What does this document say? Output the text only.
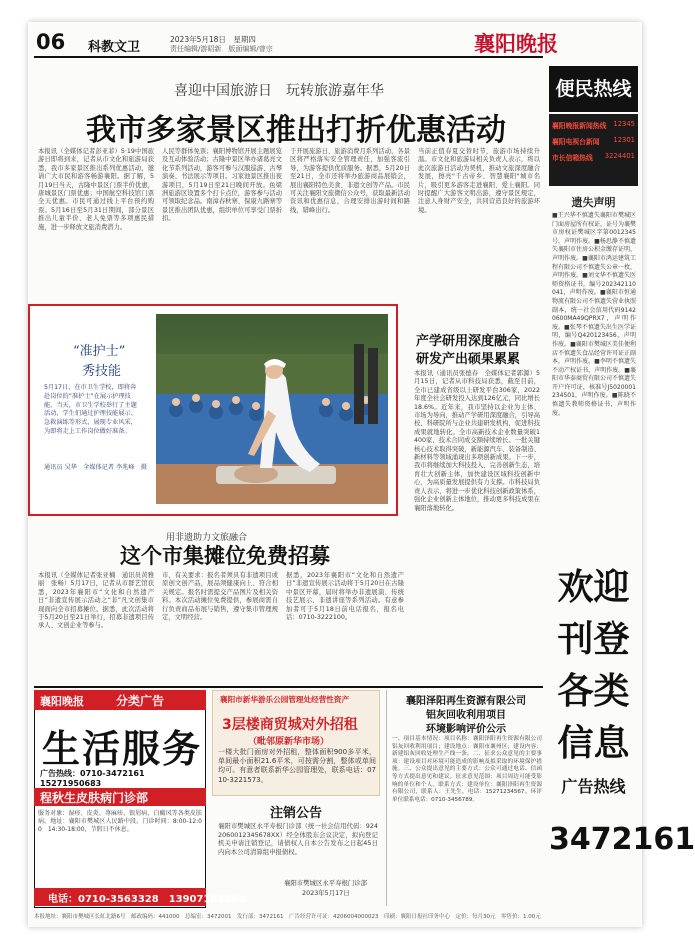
06 科教文卫
2023年5月18日　星期四
责任编辑/游昭新　版面编辑/曾宗	襄阳晚报
便民热线
襄阳晚报新闻热线 12345
襄阳电视台新闻 12301
市长信箱热线 3224401
遗失声明
■王兴华不慎遗失襄阳市樊城区门面房屋所有权证，证号为襄樊市房权证樊城区字第0012345号，声明作废。■杨思静不慎遗失襄阳市住房公积金缴存证明，声明作废。■襄阳市鸿运建筑工程有限公司不慎遗失公章一枚，声明作废。■刘文华不慎遗失医师资格证书，编号202342110041，声明作废。■襄阳市恒通物流有限公司不慎遗失营业执照副本，统一社会信用代码91420600MA49QPRX7，声明作废。■张琴不慎遗失出生医学证明，编号Q420123456，声明作废。■襄阳市樊城区美佳便利店不慎遗失食品经营许可证正副本，声明作废。■李明不慎遗失不动产权证书，声明作废。■襄阳市华泰商贸有限公司不慎遗失开户许可证，核准号J5020001234501，声明作废。■陈晓不慎遗失教师资格证书，声明作废。
欢迎
刊登
各类
信息
广告热线
3472161
喜迎中国旅游日　玩转旅游嘉年华
我市多家景区推出打折优惠活动
本报讯（全媒体记者彭亚菲）5·19中国旅游日即将到来，记者从市文化和旅游局获悉，我市多家景区推出系列优惠活动，邀请广大市民和游客畅游襄阳。据了解，5月19日当天，古隆中景区门票半价优惠，唐城景区门票优惠；中国航空科技馆门票全天优惠。市民可通过线上平台预约购票。5月16日至5月31日期间，部分景区推出儿童半价、老人免票等多项惠民措施，进一步释放文旅消费潜力。
人民等群体免票；襄阳博物馆开展主题展览及互动体验活动；古隆中景区举办诸葛亮文化节系列活动，游客可参与汉服巡游、古琴演奏、书法展示等项目。习家池景区推出夜游项目，5月19日至21日晚间开放。鱼梁洲旅游区设置多个打卡点位，游客参与活动可领取纪念品。南漳春秋寨、保康九路寨等景区推出团队优惠，组织单位可享受门票折扣。
于开展旅游日、旅游消费月系列活动，各景区将严格落实安全管理责任，加强客流引导，为游客提供优质服务。据悉，5月20日至21日，全市还将举办旅游商品展销会，展出襄阳特色美食、非遗文创等产品。市民可关注襄阳文旅微信公众号，获取最新活动资讯和优惠信息，合理安排出游时间和路线，错峰出行。
当前正值春夏交替时节，旅游市场持续升温。市文化和旅游局相关负责人表示，将以此次旅游日活动为契机，推动文旅深度融合发展，擦亮"千古帝乡、智慧襄阳"城市名片，吸引更多游客走进襄阳、爱上襄阳。同时提醒广大游客文明出游，遵守景区规定，注意人身财产安全，共同营造良好的旅游环境。
“准护士”
秀技能
5月17日，在市卫生学校，即将奔赴岗位的“准护士”在展示护理技能。当天，市卫生学校举行了主题活动，学生们通过护理技能展示、急救演练等形式，展现专业风采，为即将走上工作岗位做好准备。
通讯员 吴华　全媒体记者 李兆峰　摄
产学研用深度融合
研发产出硕果累累
本报讯（通讯员张德春　全媒体记者郭源）5月15日，记者从市科技局获悉，截至目前，全市已建成省级以上研发平台306家，2022年度全社会研发投入达到126亿元，同比增长18.6%。近年来，我市坚持以企业为主体、市场为导向，推动产学研用深度融合，引导高校、科研院所与企业共建研发机构，促进科技成果就地转化。全市高新技术企业数量突破1400家，技术合同成交额持续增长。一批关键核心技术取得突破，新能源汽车、装备制造、新材料等领域涌现出多项创新成果。下一步，我市将继续加大科技投入，完善创新生态，培育壮大创新主体，加快建设区域科技创新中心，为高质量发展提供有力支撑。市科技局负责人表示，将进一步优化科技创新政策体系，强化企业创新主体地位，推动更多科技成果在襄阳落地转化。
用非遗助力文旅融合
这个市集摊位免费招募
本报讯（全媒体记者张亚楠　通讯员黄雅丽　张畅）5月17日，记者从市群艺馆获悉，2023年襄阳市“文化和自然遗产日”非遗宣传展示活动之“非”凡文创集市现面向全市招募摊位。据悉，此次活动将于5月20日至21日举行，招募非遗项目传承人、文创企业等参与。
市，有关要求：报名者须具有非遗项目或原创文创产品，展品须健康向上、符合相关规定。报名时需提交产品图片及相关资料。本次活动摊位免费提供，参展商需自行负责商品布展与销售，遵守集市管理规定，文明经营。
据悉，2023年襄阳市“文化和自然遗产日”非遗宣传展示活动将于5月20日在古隆中景区开幕，届时将举办非遗展演、传统技艺展示、非遗讲座等系列活动。有意参加者可于5月18日前电话报名，报名电话：0710-3222100。
襄阳晚报	分类广告
生活服务
广告热线：0710-3472161　15271950683
程秋生皮肤病门诊部
服务对象：湿疹、皮炎、荨麻疹、银屑病、白癜风等各类皮肤病。地址：襄阳市樊城区人民路中段。门诊时间：8:00-12:00　14:30-18:00，节假日不休息。
电话：0710-3563328　13907102200
襄阳市新华游乐公园管理处经营性资产
3层楼商贸城对外招租
（毗邻原新华市场）
一楼大批门面房对外招租，整体面积900多平米，单间最小面积21.6平米，可按需分割，整体或单间均可。有意者联系新华公园管理处，联系电话：0710-3221573。
注销公告
襄阳市樊城区永平寿根门诊部（统一社会信用代码：9242060012345678XX）经全体股东会议决定，拟向登记机关申请注销登记，请债权人自本公告发布之日起45日内向本公司清算组申报债权。
襄阳市樊城区永平寿根门诊部
2023年5月17日
襄阳泽阳再生资源有限公司
铝灰回收利用项目
环境影响评价公示
一、项目基本情况：项目名称：襄阳泽阳再生资源有限公司铝灰回收利用项目；建设地点：襄阳市襄州区；建设内容：新建铝灰回收处理生产线一条。二、征求公众意见的主要事项：建设项目对环境可能造成的影响及拟采取的环境保护措施。三、公众提出意见的主要方式：公众可通过电话、信函等方式提出意见和建议。征求意见范围：项目周边可能受影响的单位和个人。联系方式：建设单位：襄阳泽阳再生资源有限公司，联系人：王先生，电话：15271234567。环评单位联系电话：0710-3456789。
本报地址：襄阳市樊城区长虹北路6号　邮政编码：441000　总编室：3472001　发行部：3472161　广告经营许可证：4206004000023　印刷：襄阳日报社印务中心　定价：每月30元　零售价：1.00元
